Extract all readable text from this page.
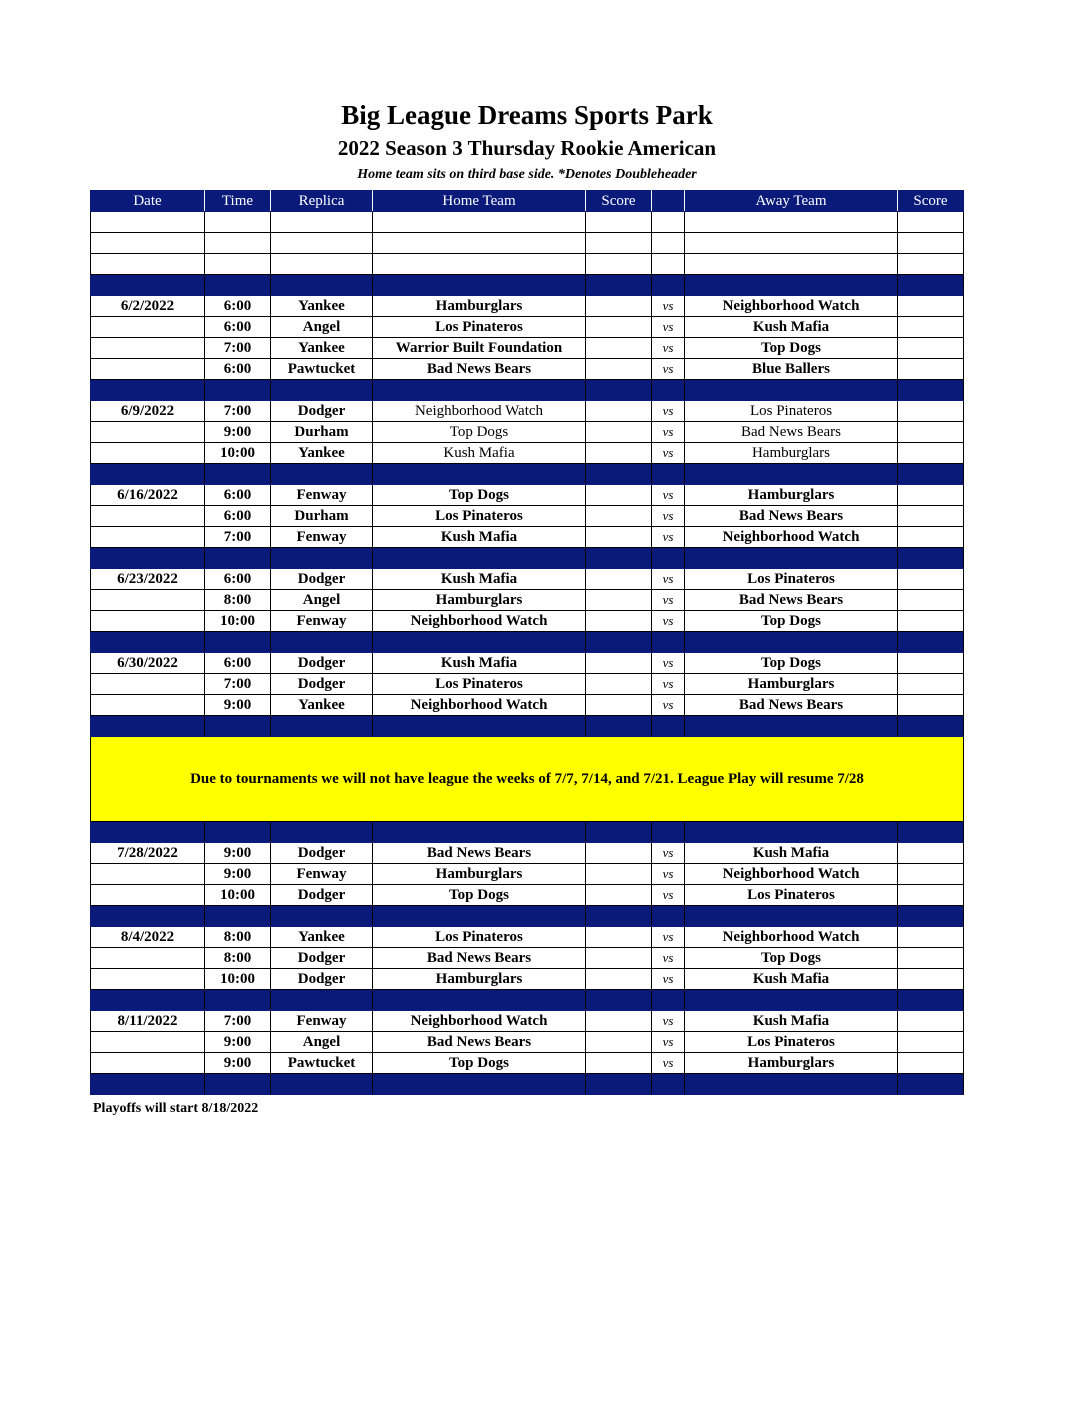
Big League Dreams Sports Park
2022 Season 3 Thursday Rookie American
Home team sits on third base side. *Denotes Doubleheader
Date	Time	Replica	Home Team	Score		Away Team	Score

6/2/2022	6:00	Yankee	Hamburglars		vs	Neighborhood Watch	
	6:00	Angel	Los Pinateros		vs	Kush Mafia	
	7:00	Yankee	Warrior Built Foundation		vs	Top Dogs	
	6:00	Pawtucket	Bad News Bears		vs	Blue Ballers	

6/9/2022	7:00	Dodger	Neighborhood Watch		vs	Los Pinateros	
	9:00	Durham	Top Dogs		vs	Bad News Bears	
	10:00	Yankee	Kush Mafia		vs	Hamburglars	

6/16/2022	6:00	Fenway	Top Dogs		vs	Hamburglars	
	6:00	Durham	Los Pinateros		vs	Bad News Bears	
	7:00	Fenway	Kush Mafia		vs	Neighborhood Watch	

6/23/2022	6:00	Dodger	Kush Mafia		vs	Los Pinateros	
	8:00	Angel	Hamburglars		vs	Bad News Bears	
	10:00	Fenway	Neighborhood Watch		vs	Top Dogs	

6/30/2022	6:00	Dodger	Kush Mafia		vs	Top Dogs	
	7:00	Dodger	Los Pinateros		vs	Hamburglars	
	9:00	Yankee	Neighborhood Watch		vs	Bad News Bears	

Due to tournaments we will not have league the weeks of 7/7, 7/14, and 7/21. League Play will resume 7/28							

7/28/2022	9:00	Dodger	Bad News Bears		vs	Kush Mafia	
	9:00	Fenway	Hamburglars		vs	Neighborhood Watch	
	10:00	Dodger	Top Dogs		vs	Los Pinateros	

8/4/2022	8:00	Yankee	Los Pinateros		vs	Neighborhood Watch	
	8:00	Dodger	Bad News Bears		vs	Top Dogs	
	10:00	Dodger	Hamburglars		vs	Kush Mafia	

8/11/2022	7:00	Fenway	Neighborhood Watch		vs	Kush Mafia	
	9:00	Angel	Bad News Bears		vs	Los Pinateros	
	9:00	Pawtucket	Top Dogs		vs	Hamburglars	

Playoffs will start 8/18/2022
